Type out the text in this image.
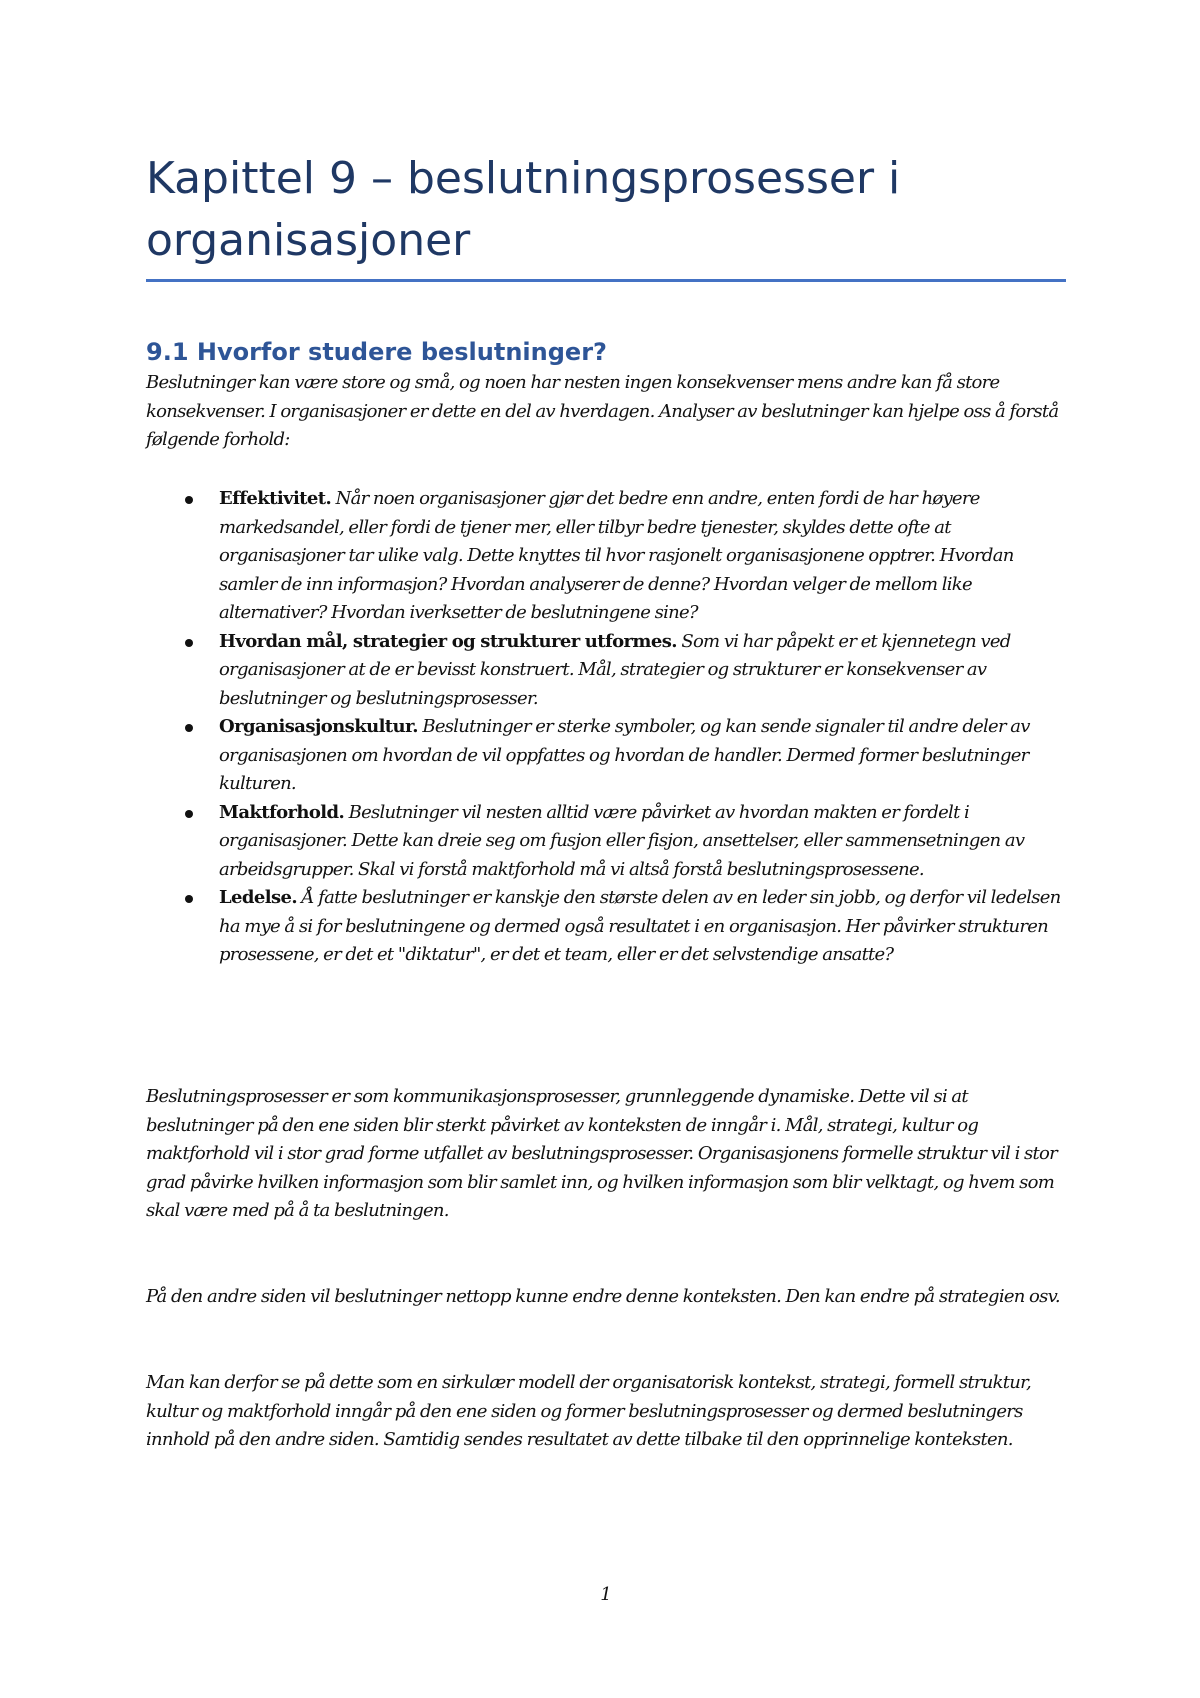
Kapittel 9 – beslutningsprosesser i organisasjoner
9.1 Hvorfor studere beslutninger?

Beslutninger kan være store og små, og noen har nesten ingen konsekvenser mens andre kan få store konsekvenser. I organisasjoner er dette en del av hverdagen. Analyser av beslutninger kan hjelpe oss å forstå følgende forhold:

Effektivitet. Når noen organisasjoner gjør det bedre enn andre, enten fordi de har høyere markedsandel, eller fordi de tjener mer, eller tilbyr bedre tjenester, skyldes dette ofte at organisasjoner tar ulike valg. Dette knyttes til hvor rasjonelt organisasjonene opptrer. Hvordan samler de inn informasjon? Hvordan analyserer de denne? Hvordan velger de mellom like alternativer? Hvordan iverksetter de beslutningene sine?
Hvordan mål, strategier og strukturer utformes. Som vi har påpekt er et kjennetegn ved organisasjoner at de er bevisst konstruert. Mål, strategier og strukturer er konsekvenser av beslutninger og beslutningsprosesser.
Organisasjonskultur. Beslutninger er sterke symboler, og kan sende signaler til andre deler av organisasjonen om hvordan de vil oppfattes og hvordan de handler. Dermed former beslutninger kulturen.
Maktforhold. Beslutninger vil nesten alltid være påvirket av hvordan makten er fordelt i organisasjoner. Dette kan dreie seg om fusjon eller fisjon, ansettelser, eller sammensetningen av arbeidsgrupper. Skal vi forstå maktforhold må vi altså forstå beslutningsprosessene.
Ledelse. Å fatte beslutninger er kanskje den største delen av en leder sin jobb, og derfor vil ledelsen ha mye å si for beslutningene og dermed også resultatet i en organisasjon. Her påvirker strukturen prosessene, er det et "diktatur", er det et team, eller er det selvstendige ansatte?

Beslutningsprosesser er som kommunikasjonsprosesser, grunnleggende dynamiske. Dette vil si at beslutninger på den ene siden blir sterkt påvirket av konteksten de inngår i. Mål, strategi, kultur og maktforhold vil i stor grad forme utfallet av beslutningsprosesser. Organisasjonens formelle struktur vil i stor grad påvirke hvilken informasjon som blir samlet inn, og hvilken informasjon som blir velktagt, og hvem som skal være med på å ta beslutningen.

På den andre siden vil beslutninger nettopp kunne endre denne konteksten. Den kan endre på strategien osv.

Man kan derfor se på dette som en sirkulær modell der organisatorisk kontekst, strategi, formell struktur, kultur og maktforhold inngår på den ene siden og former beslutningsprosesser og dermed beslutningers innhold på den andre siden. Samtidig sendes resultatet av dette tilbake til den opprinnelige konteksten.

1
